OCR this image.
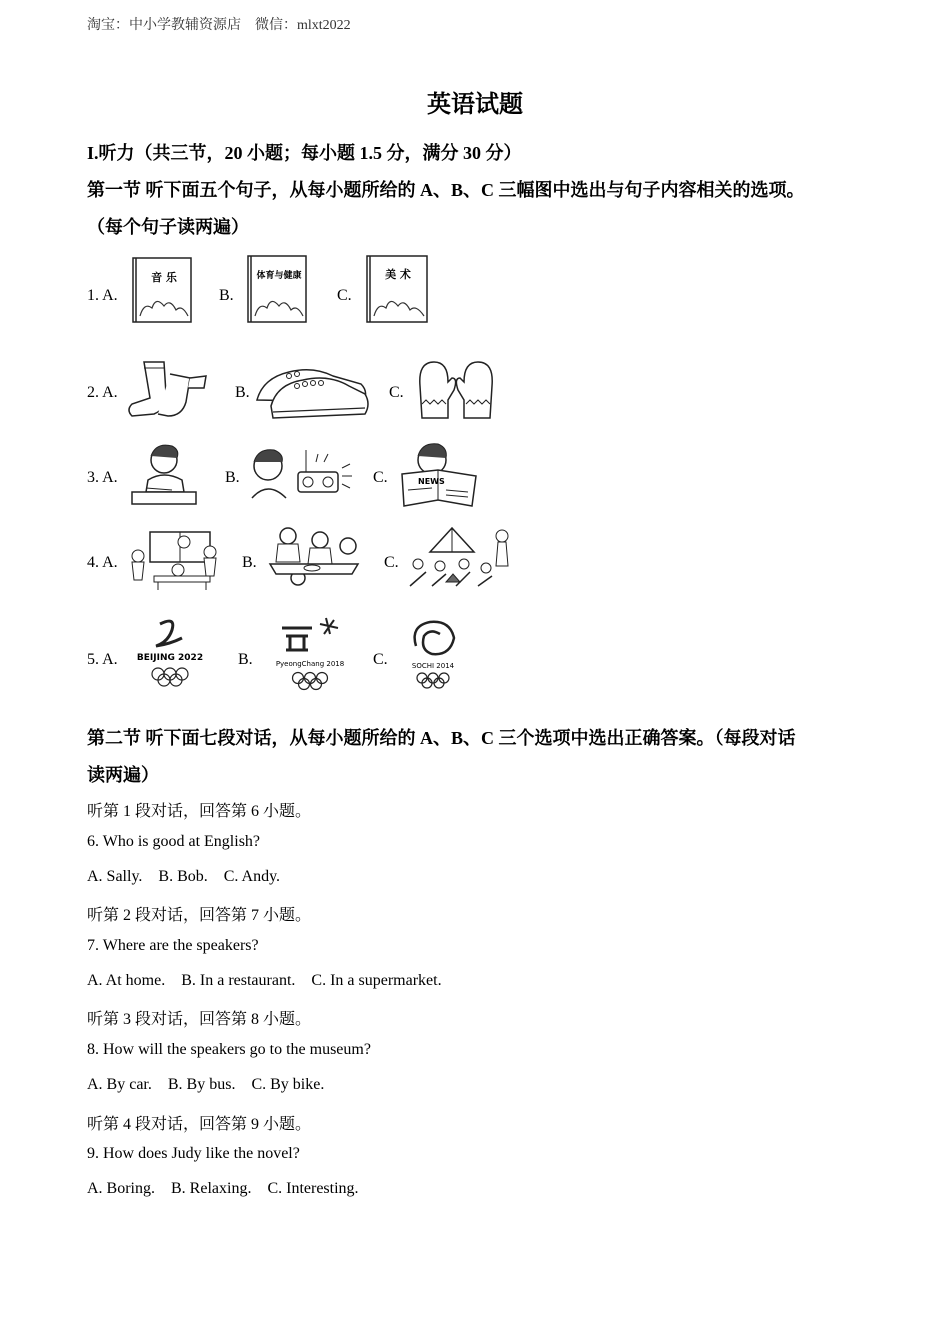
淘宝：中小学教辅资源店　微信：mlxt2022
英语试题
I.听力（共三节，20 小题；每小题 1.5 分，满分 30 分）
第一节 听下面五个句子，从每小题所给的 A、B、C 三幅图中选出与句子内容相关的选项。
（每个句子读两遍）
1. A.
音 乐
B.
体育与健康
C.
美 术
2. A.	B.	C.
3. A.	B.	C.	NEWS
4. A.	B.	C.
5. A. BEIJING 2022 B.	PyeongChang 2018 C.	SOCHI 2014
第二节 听下面七段对话，从每小题所给的 A、B、C 三个选项中选出正确答案。（每段对话
读两遍）
听第 1 段对话，回答第 6 小题。
6. Who is good at English?
A. Sally.    B. Bob.    C. Andy.
听第 2 段对话，回答第 7 小题。
7. Where are the speakers?
A. At home.    B. In a restaurant.    C. In a supermarket.
听第 3 段对话，回答第 8 小题。
8. How will the speakers go to the museum?
A. By car.    B. By bus.    C. By bike.
听第 4 段对话，回答第 9 小题。
9. How does Judy like the novel?
A. Boring.    B. Relaxing.    C. Interesting.
